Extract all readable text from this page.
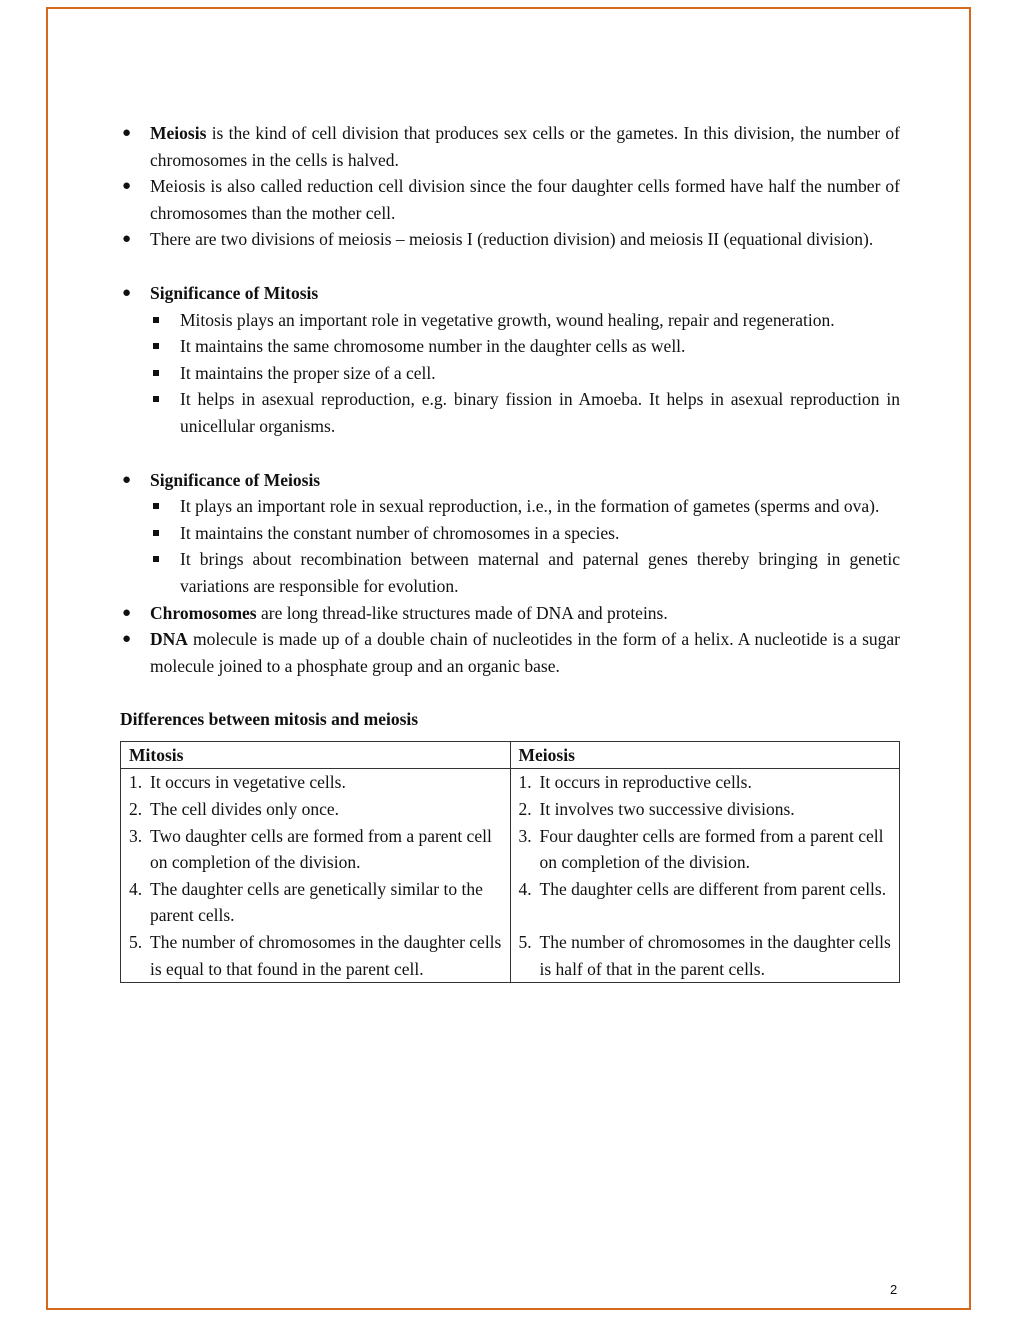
● Meiosis is the kind of cell division that produces sex cells or the gametes. In this division, the number of chromosomes in the cells is halved.
● Meiosis is also called reduction cell division since the four daughter cells formed have half the number of chromosomes than the mother cell.
● There are two divisions of meiosis – meiosis I (reduction division) and meiosis II (equational division).
● Significance of Mitosis
Mitosis plays an important role in vegetative growth, wound healing, repair and regeneration.
It maintains the same chromosome number in the daughter cells as well.
It maintains the proper size of a cell.
It helps in asexual reproduction, e.g. binary fission in Amoeba. It helps in asexual reproduction in unicellular organisms.
● Significance of Meiosis
It plays an important role in sexual reproduction, i.e., in the formation of gametes (sperms and ova).
It maintains the constant number of chromosomes in a species.
It brings about recombination between maternal and paternal genes thereby bringing in genetic variations are responsible for evolution.
● Chromosomes are long thread-like structures made of DNA and proteins.
● DNA molecule is made up of a double chain of nucleotides in the form of a helix. A nucleotide is a sugar molecule joined to a phosphate group and an organic base.
Differences between mitosis and meiosis
Mitosis	Meiosis

1. It occurs in vegetative cells.	1. It occurs in reproductive cells.

2. The cell divides only once.	2. It involves two successive divisions.

3. Two daughter cells are formed from a parent cell on completion of the division.	3. Four daughter cells are formed from a parent cell on completion of the division.

4. The daughter cells are genetically similar to the parent cells.	4. The daughter cells are different from parent cells.

5. The number of chromosomes in the daughter cells is equal to that found in the parent cell.	5. The number of chromosomes in the daughter cells is half of that in the parent cells.
2
